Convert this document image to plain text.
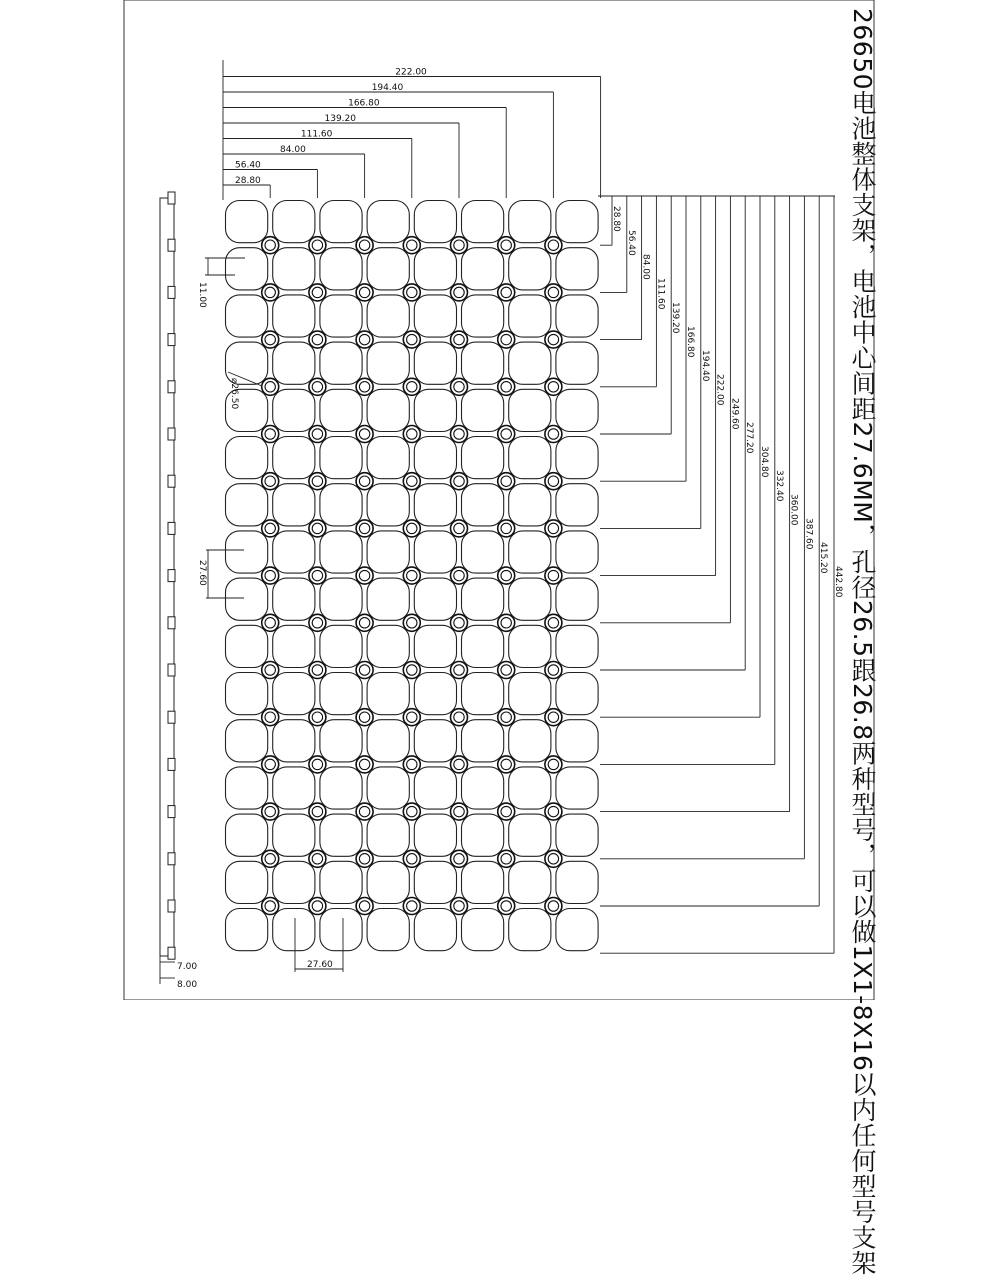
26650电池整体支架，电池中心间距27.6MM，孔径26.5跟26.8两种型号，可以做1X1-8X16以内任何型号支架
28.80
56.40
84.00
111.60
139.20
166.80
194.40
222.00
28.80
56.40
84.00
111.60
139.20
166.80
194.40
222.00
249.60
277.20
304.80
332.40
360.00
387.60
415.20
442.80
11.00
⌀26.50
27.60
27.60
7.00
8.00
